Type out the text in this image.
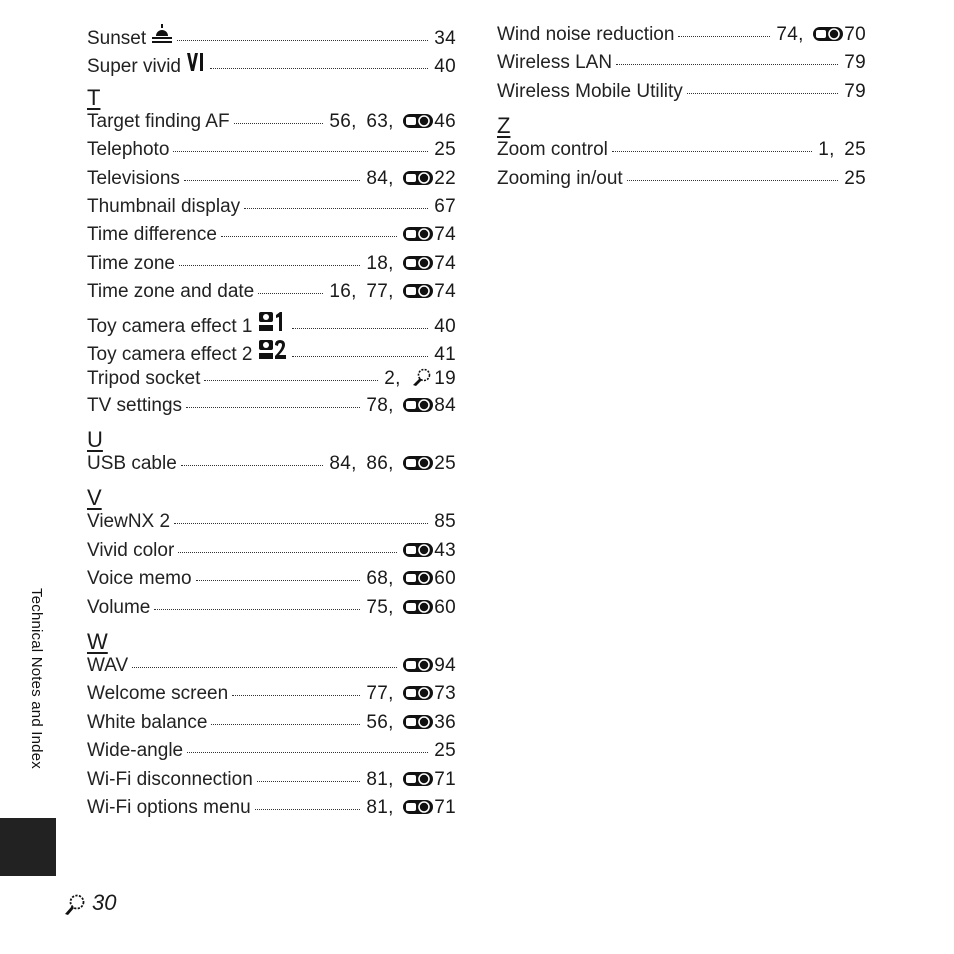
Sunset	34
Super vivid	40
T
Target finding AF	56, 63, 46
Telephoto	25
Televisions	84, 22
Thumbnail display	67
Time difference	74
Time zone	18, 74
Time zone and date	16, 77, 74
Toy camera effect 1	40
Toy camera effect 2	41
Tripod socket	2, 19
TV settings	78, 84
U
USB cable	84, 86, 25
V
ViewNX 2	85
Vivid color	43
Voice memo	68, 60
Volume	75, 60
W
WAV	94
Welcome screen	77, 73
White balance	56, 36
Wide-angle	25
Wi-Fi disconnection	81, 71
Wi-Fi options menu	81, 71
Wind noise reduction	74, 70
Wireless LAN	79
Wireless Mobile Utility	79
Z
Zoom control	1, 25
Zooming in/out	25
Technical Notes and Index
30
